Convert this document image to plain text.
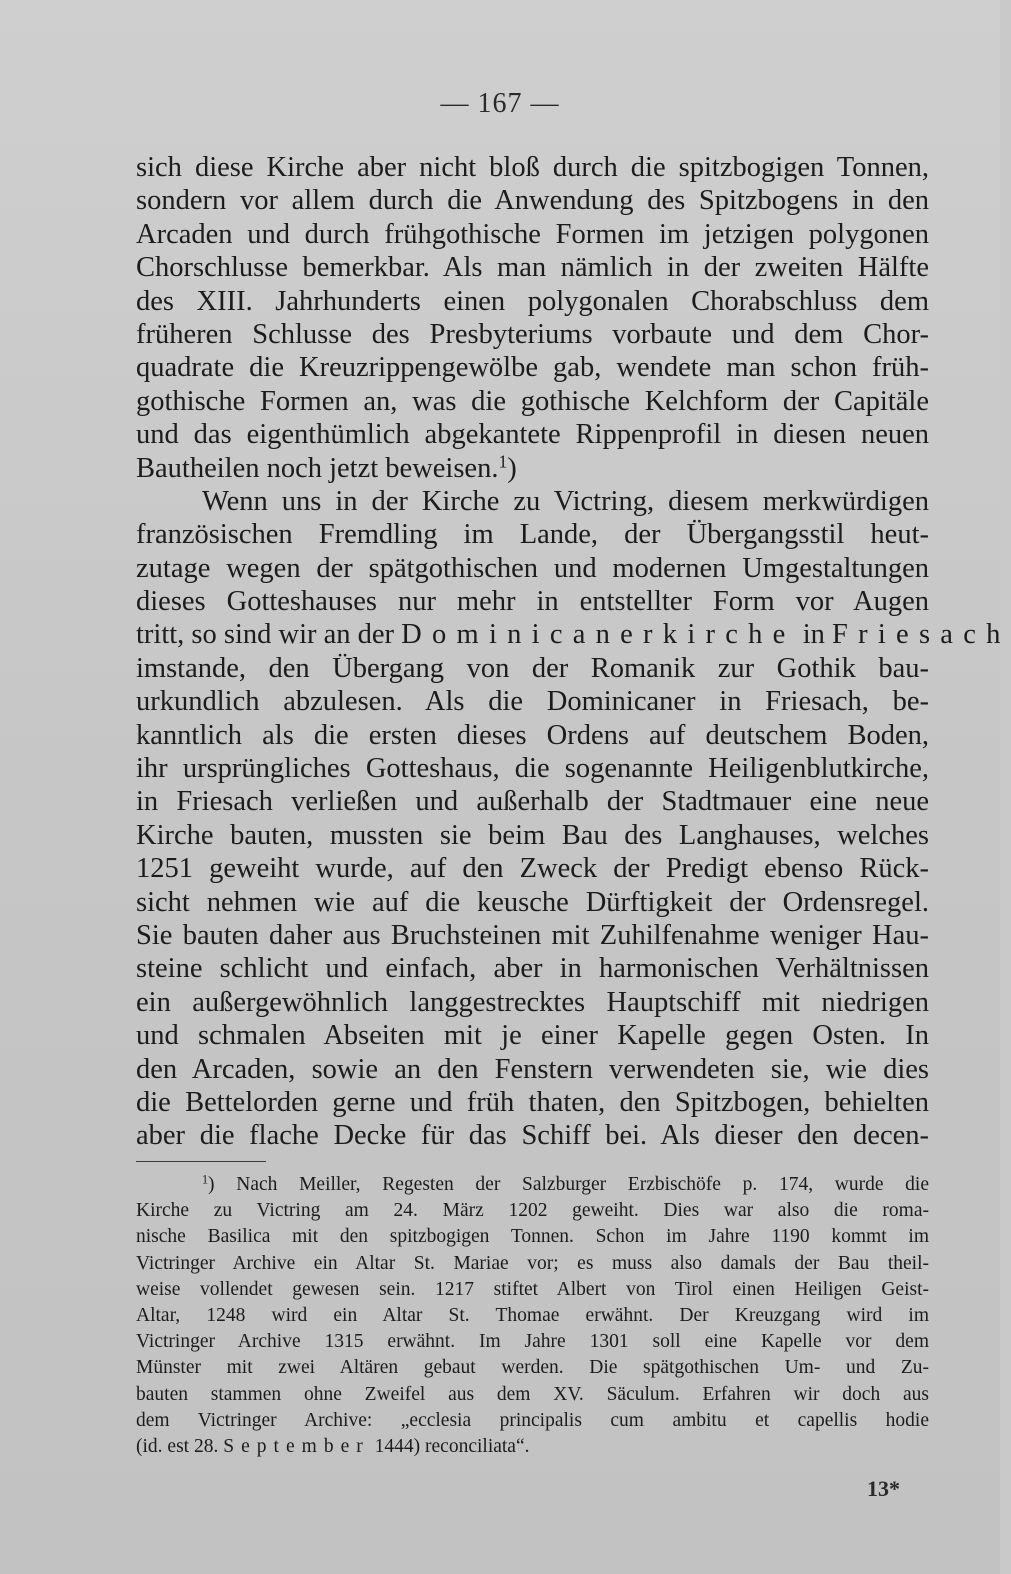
— 167 —
sich diese Kirche aber nicht bloß durch die spitzbogigen Tonnen,
sondern vor allem durch die Anwendung des Spitzbogens in den
Arcaden und durch frühgothische Formen im jetzigen polygonen
Chorschlusse bemerkbar. Als man nämlich in der zweiten Hälfte
des XIII. Jahrhunderts einen polygonalen Chorabschluss dem
früheren Schlusse des Presbyteriums vorbaute und dem Chor-
quadrate die Kreuzrippengewölbe gab, wendete man schon früh-
gothische Formen an, was die gothische Kelchform der Capitäle
und das eigenthümlich abgekantete Rippenprofil in diesen neuen
Bautheilen noch jetzt beweisen.$^1$)
Wenn uns in der Kirche zu Victring, diesem merkwürdigen
französischen Fremdling im Lande, der Übergangsstil heut-
zutage wegen der spätgothischen und modernen Umgestaltungen
dieses Gotteshauses nur mehr in entstellter Form vor Augen
tritt, so sind wir an der Dominicanerkirche in Friesach
imstande, den Übergang von der Romanik zur Gothik bau-
urkundlich abzulesen. Als die Dominicaner in Friesach, be-
kanntlich als die ersten dieses Ordens auf deutschem Boden,
ihr ursprüngliches Gotteshaus, die sogenannte Heiligenblutkirche,
in Friesach verließen und außerhalb der Stadtmauer eine neue
Kirche bauten, mussten sie beim Bau des Langhauses, welches
1251 geweiht wurde, auf den Zweck der Predigt ebenso Rück-
sicht nehmen wie auf die keusche Dürftigkeit der Ordensregel.
Sie bauten daher aus Bruchsteinen mit Zuhilfenahme weniger Hau-
steine schlicht und einfach, aber in harmonischen Verhältnissen
ein außergewöhnlich langgestrecktes Hauptschiff mit niedrigen
und schmalen Abseiten mit je einer Kapelle gegen Osten. In
den Arcaden, sowie an den Fenstern verwendeten sie, wie dies
die Bettelorden gerne und früh thaten, den Spitzbogen, behielten
aber die flache Decke für das Schiff bei. Als dieser den decen-
$^1$) Nach Meiller, Regesten der Salzburger Erzbischöfe p. 174, wurde die
Kirche zu Victring am 24. März 1202 geweiht. Dies war also die roma-
nische Basilica mit den spitzbogigen Tonnen. Schon im Jahre 1190 kommt im
Victringer Archive ein Altar St. Mariae vor; es muss also damals der Bau theil-
weise vollendet gewesen sein. 1217 stiftet Albert von Tirol einen Heiligen Geist-
Altar, 1248 wird ein Altar St. Thomae erwähnt. Der Kreuzgang wird im
Victringer Archive 1315 erwähnt. Im Jahre 1301 soll eine Kapelle vor dem
Münster mit zwei Altären gebaut werden. Die spätgothischen Um- und Zu-
bauten stammen ohne Zweifel aus dem XV. Säculum. Erfahren wir doch aus
dem Victringer Archive: „ecclesia principalis cum ambitu et capellis hodie
(id. est 28. September 1444) reconciliata“.
13*
